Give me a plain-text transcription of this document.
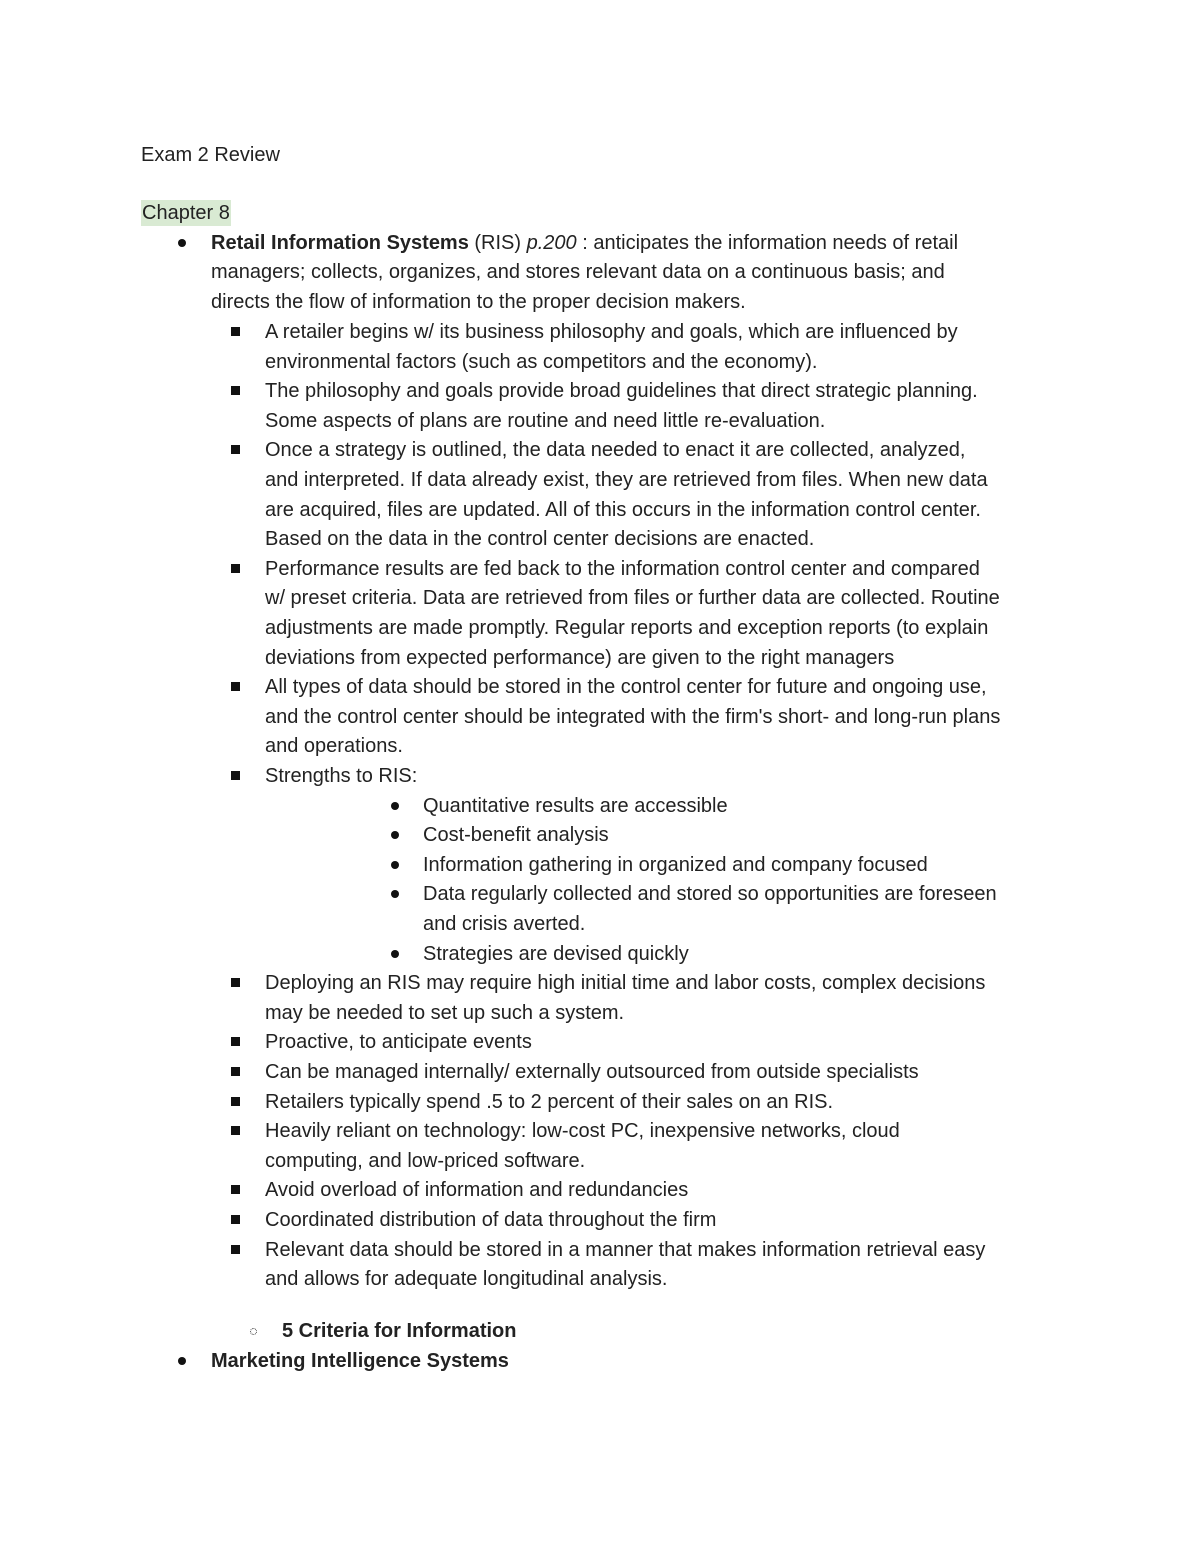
Exam 2 Review
Chapter 8
Retail Information Systems (RIS) p.200 : anticipates the information needs of retail
managers; collects, organizes, and stores relevant data on a continuous basis; and
directs the flow of information to the proper decision makers.
A retailer begins w/ its business philosophy and goals, which are influenced by
environmental factors (such as competitors and the economy).
The philosophy and goals provide broad guidelines that direct strategic planning.
Some aspects of plans are routine and need little re-evaluation.
Once a strategy is outlined, the data needed to enact it are collected, analyzed,
and interpreted. If data already exist, they are retrieved from files. When new data
are acquired, files are updated. All of this occurs in the information control center.
Based on the data in the control center decisions are enacted.
Performance results are fed back to the information control center and compared
w/ preset criteria. Data are retrieved from files or further data are collected. Routine
adjustments are made promptly. Regular reports and exception reports (to explain
deviations from expected performance) are given to the right managers
All types of data should be stored in the control center for future and ongoing use,
and the control center should be integrated with the firm's short- and long-run plans
and operations.
Strengths to RIS:
Quantitative results are accessible
Cost-benefit analysis
Information gathering in organized and company focused
Data regularly collected and stored so opportunities are foreseen
and crisis averted.
Strategies are devised quickly
Deploying an RIS may require high initial time and labor costs, complex decisions
may be needed to set up such a system.
Proactive, to anticipate events
Can be managed internally/ externally outsourced from outside specialists
Retailers typically spend .5 to 2 percent of their sales on an RIS.
Heavily reliant on technology: low-cost PC, inexpensive networks, cloud
computing, and low-priced software.
Avoid overload of information and redundancies
Coordinated distribution of data throughout the firm
Relevant data should be stored in a manner that makes information retrieval easy
and allows for adequate longitudinal analysis.
5 Criteria for Information
Marketing Intelligence Systems
